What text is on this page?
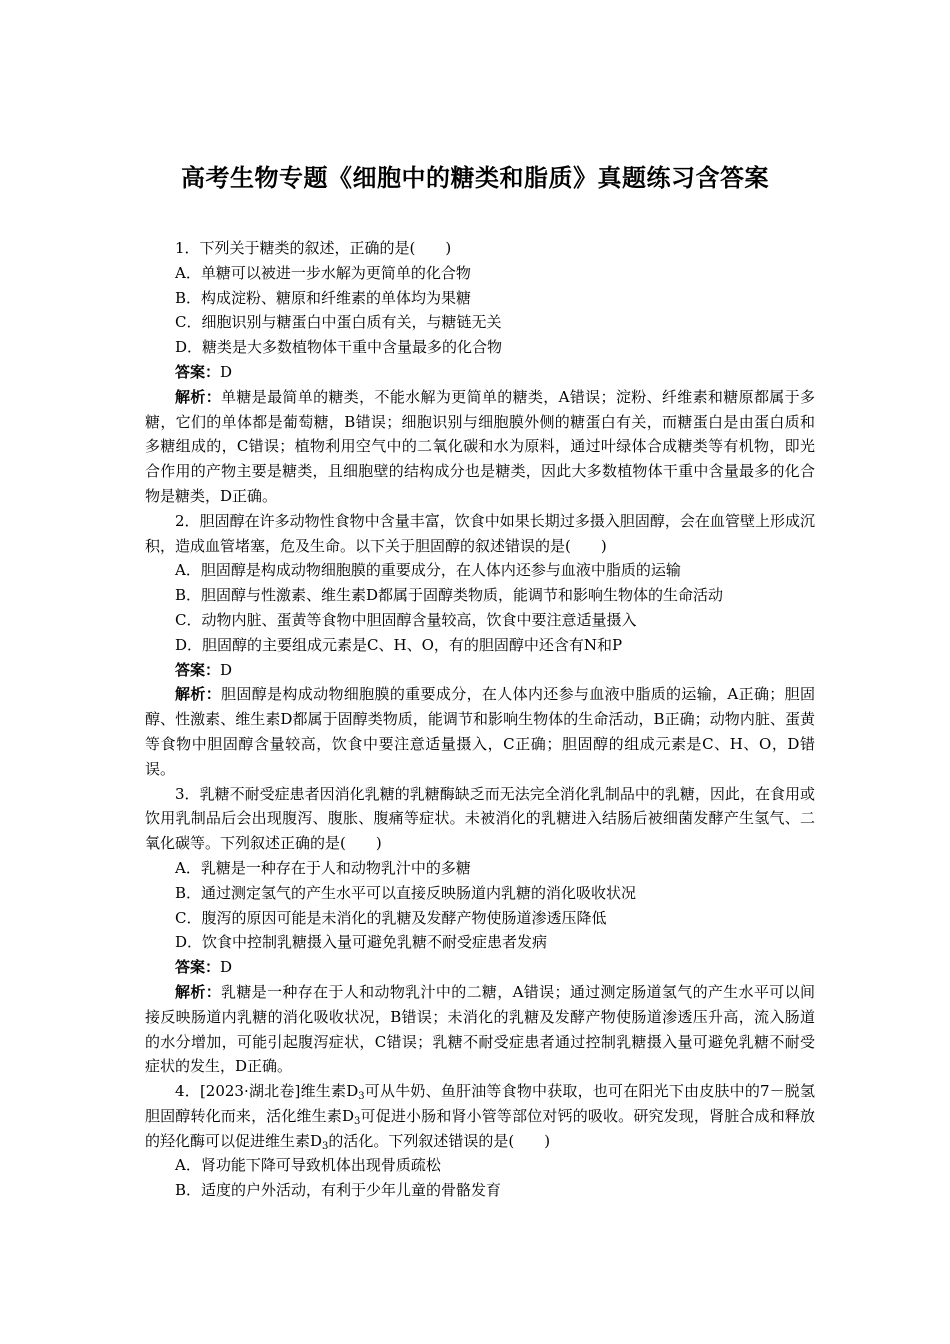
高考生物专题《细胞中的糖类和脂质》真题练习含答案

1．下列关于糖类的叙述，正确的是(　　)

A．单糖可以被进一步水解为更简单的化合物

B．构成淀粉、糖原和纤维素的单体均为果糖

C．细胞识别与糖蛋白中蛋白质有关，与糖链无关

D．糖类是大多数植物体干重中含量最多的化合物

答案：D

解析：单糖是最简单的糖类，不能水解为更简单的糖类，A错误；淀粉、纤维素和糖原都属于多糖，它们的单体都是葡萄糖，B错误；细胞识别与细胞膜外侧的糖蛋白有关，而糖蛋白是由蛋白质和多糖组成的，C错误；植物利用空气中的二氧化碳和水为原料，通过叶绿体合成糖类等有机物，即光合作用的产物主要是糖类，且细胞壁的结构成分也是糖类，因此大多数植物体干重中含量最多的化合物是糖类，D正确。

2．胆固醇在许多动物性食物中含量丰富，饮食中如果长期过多摄入胆固醇，会在血管壁上形成沉积，造成血管堵塞，危及生命。以下关于胆固醇的叙述错误的是(　　)

A．胆固醇是构成动物细胞膜的重要成分，在人体内还参与血液中脂质的运输

B．胆固醇与性激素、维生素D都属于固醇类物质，能调节和影响生物体的生命活动

C．动物内脏、蛋黄等食物中胆固醇含量较高，饮食中要注意适量摄入

D．胆固醇的主要组成元素是C、H、O，有的胆固醇中还含有N和P

答案：D

解析：胆固醇是构成动物细胞膜的重要成分，在人体内还参与血液中脂质的运输，A正确；胆固醇、性激素、维生素D都属于固醇类物质，能调节和影响生物体的生命活动，B正确；动物内脏、蛋黄等食物中胆固醇含量较高，饮食中要注意适量摄入，C正确；胆固醇的组成元素是C、H、O，D错误。

3．乳糖不耐受症患者因消化乳糖的乳糖酶缺乏而无法完全消化乳制品中的乳糖，因此，在食用或饮用乳制品后会出现腹泻、腹胀、腹痛等症状。未被消化的乳糖进入结肠后被细菌发酵产生氢气、二氧化碳等。下列叙述正确的是(　　)

A．乳糖是一种存在于人和动物乳汁中的多糖

B．通过测定氢气的产生水平可以直接反映肠道内乳糖的消化吸收状况

C．腹泻的原因可能是未消化的乳糖及发酵产物使肠道渗透压降低

D．饮食中控制乳糖摄入量可避免乳糖不耐受症患者发病

答案：D

解析：乳糖是一种存在于人和动物乳汁中的二糖，A错误；通过测定肠道氢气的产生水平可以间接反映肠道内乳糖的消化吸收状况，B错误；未消化的乳糖及发酵产物使肠道渗透压升高，流入肠道的水分增加，可能引起腹泻症状，C错误；乳糖不耐受症患者通过控制乳糖摄入量可避免乳糖不耐受症状的发生，D正确。

4．[2023·湖北卷]维生素$D_3$可从牛奶、鱼肝油等食物中获取，也可在阳光下由皮肤中的7－脱氢胆固醇转化而来，活化维生素$D_3$可促进小肠和肾小管等部位对钙的吸收。研究发现，肾脏合成和释放的羟化酶可以促进维生素$D_3$的活化。下列叙述错误的是(　　)

A．肾功能下降可导致机体出现骨质疏松

B．适度的户外活动，有利于少年儿童的骨骼发育
